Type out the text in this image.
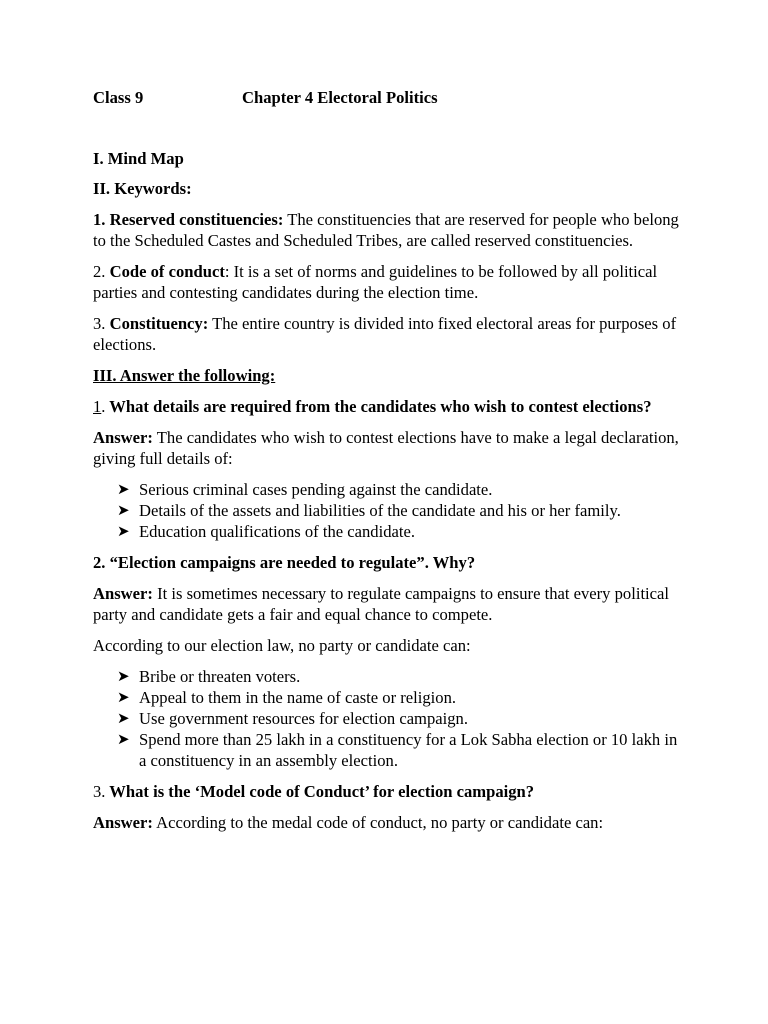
Class 9	Chapter 4 Electoral Politics

I. Mind Map

II. Keywords:

1. Reserved constituencies: The constituencies that are reserved for people who belong to the Scheduled Castes and Scheduled Tribes, are called reserved constituencies.

2. Code of conduct: It is a set of norms and guidelines to be followed by all political parties and contesting candidates during the election time.

3. Constituency: The entire country is divided into fixed electoral areas for purposes of elections.

III. Answer the following:

1. What details are required from the candidates who wish to contest elections?

Answer: The candidates who wish to contest elections have to make a legal declaration, giving full details of:

➤ Serious criminal cases pending against the candidate.
➤ Details of the assets and liabilities of the candidate and his or her family.
➤ Education qualifications of the candidate.

2. “Election campaigns are needed to regulate”. Why?

Answer: It is sometimes necessary to regulate campaigns to ensure that every political party and candidate gets a fair and equal chance to compete.

According to our election law, no party or candidate can:

➤ Bribe or threaten voters.
➤ Appeal to them in the name of caste or religion.
➤ Use government resources for election campaign.
➤ Spend more than 25 lakh in a constituency for a Lok Sabha election or 10 lakh in a constituency in an assembly election.

3. What is the ‘Model code of Conduct’ for election campaign?

Answer: According to the medal code of conduct, no party or candidate can:
